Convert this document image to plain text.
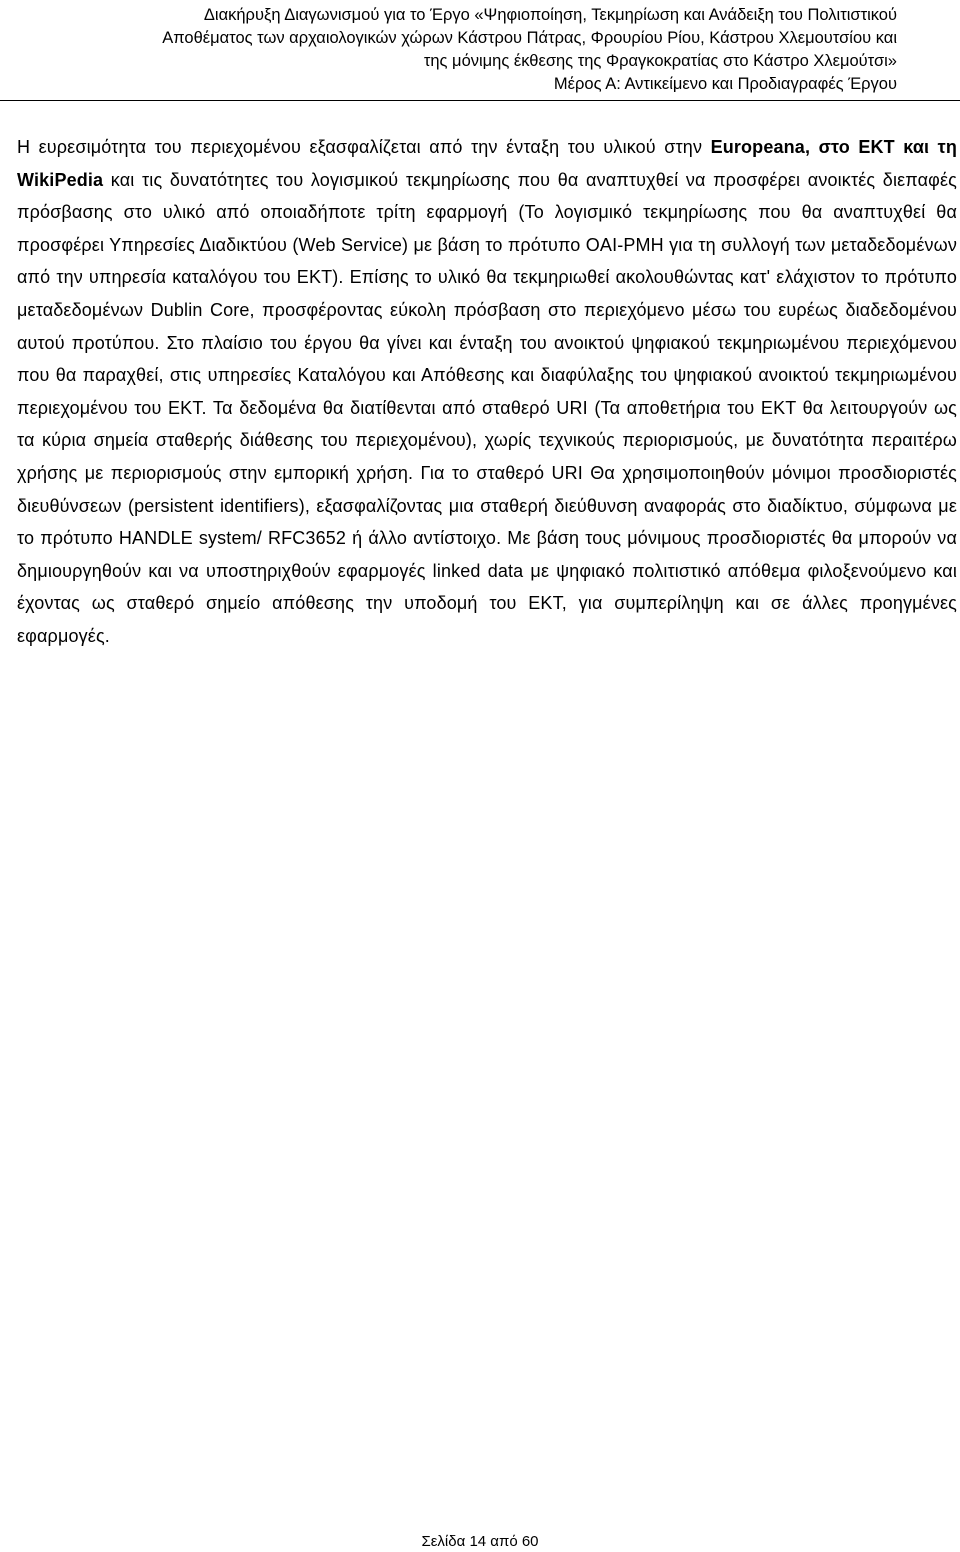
Διακήρυξη Διαγωνισμού για το Έργο «Ψηφιοποίηση, Τεκμηρίωση και Ανάδειξη του Πολιτιστικού
Αποθέματος των αρχαιολογικών χώρων Κάστρου Πάτρας, Φρουρίου Ρίου, Κάστρου Χλεμουτσίου και
της μόνιμης έκθεσης της Φραγκοκρατίας στο Κάστρο Χλεμούτσι»
Μέρος Α: Αντικείμενο και Προδιαγραφές Έργου

Η ευρεσιμότητα του περιεχομένου εξασφαλίζεται από την ένταξη του υλικού στην Europeana, στο ΕΚΤ και τη WikiPedia και τις δυνατότητες του λογισμικού τεκμηρίωσης που θα αναπτυχθεί να προσφέρει ανοικτές διεπαφές πρόσβασης στο υλικό από οποιαδήποτε τρίτη εφαρμογή (Το λογισμικό τεκμηρίωσης που θα αναπτυχθεί θα προσφέρει Υπηρεσίες Διαδικτύου (Web Service) με βάση το πρότυπο OAI-PMH για τη συλλογή των μεταδεδομένων από την υπηρεσία καταλόγου του ΕΚΤ). Επίσης το υλικό θα τεκμηριωθεί ακολουθώντας κατ' ελάχιστον το πρότυπο μεταδεδομένων Dublin Core, προσφέροντας εύκολη πρόσβαση στο περιεχόμενο μέσω του ευρέως διαδεδομένου αυτού προτύπου. Στο πλαίσιο του έργου θα γίνει και ένταξη του ανοικτού ψηφιακού τεκμηριωμένου περιεχόμενου που θα παραχθεί, στις υπηρεσίες Καταλόγου και Απόθεσης και διαφύλαξης του ψηφιακού ανοικτού τεκμηριωμένου περιεχομένου του ΕΚΤ. Τα δεδομένα θα διατίθενται από σταθερό URI (Τα αποθετήρια του ΕΚΤ θα λειτουργούν ως τα κύρια σημεία σταθερής διάθεσης του περιεχομένου), χωρίς τεχνικούς περιορισμούς, με δυνατότητα περαιτέρω χρήσης με περιορισμούς στην εμπορική χρήση. Για το σταθερό URI Θα χρησιμοποιηθούν μόνιμοι προσδιοριστές διευθύνσεων (persistent identifiers), εξασφαλίζοντας μια σταθερή διεύθυνση αναφοράς στο διαδίκτυο, σύμφωνα με το πρότυπο HANDLE system/ RFC3652 ή άλλο αντίστοιχο. Με βάση τους μόνιμους προσδιοριστές θα μπορούν να δημιουργηθούν και να υποστηριχθούν εφαρμογές linked data με ψηφιακό πολιτιστικό απόθεμα φιλοξενούμενο και έχοντας ως σταθερό σημείο απόθεσης την υποδομή του ΕΚΤ, για συμπερίληψη και σε άλλες προηγμένες εφαρμογές.

Σελίδα 14 από 60
